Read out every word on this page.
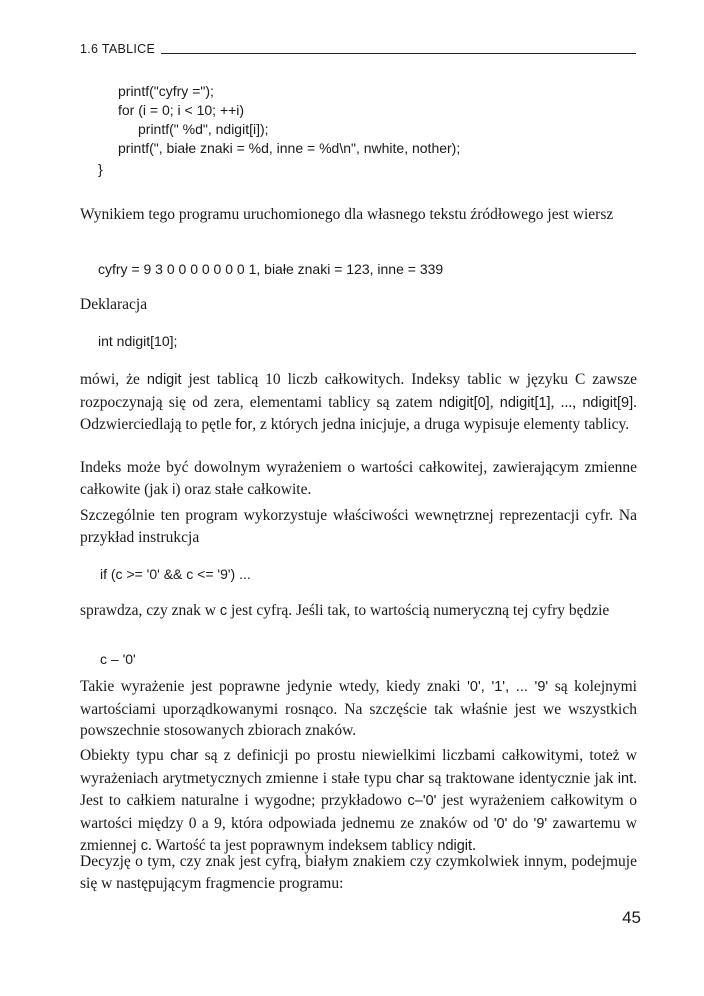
1.6 TABLICE
printf("cyfry =");
for (i = 0; i < 10; ++i)
printf(" %d", ndigit[i]);
printf(", białe znaki = %d, inne = %d\n", nwhite, nother);
}
Wynikiem tego programu uruchomionego dla własnego tekstu źródłowego jest wiersz
cyfry = 9 3 0 0 0 0 0 0 0 1, białe znaki = 123, inne = 339
Deklaracja
int ndigit[10];
mówi, że ndigit jest tablicą 10 liczb całkowitych. Indeksy tablic w języku C zawsze rozpoczynają się od zera, elementami tablicy są zatem ndigit[0], ndigit[1], ..., ndigit[9]. Odzwierciedlają to pętle for, z których jedna inicjuje, a druga wypisuje elementy tablicy.
Indeks może być dowolnym wyrażeniem o wartości całkowitej, zawierającym zmienne całkowite (jak i) oraz stałe całkowite.
Szczególnie ten program wykorzystuje właściwości wewnętrznej reprezentacji cyfr. Na przykład instrukcja
if (c >= '0' && c <= '9') ...
sprawdza, czy znak w c jest cyfrą. Jeśli tak, to wartością numeryczną tej cyfry będzie
c – '0'
Takie wyrażenie jest poprawne jedynie wtedy, kiedy znaki '0', '1', ... '9' są kolejnymi wartościami uporządkowanymi rosnąco. Na szczęście tak właśnie jest we wszystkich powszechnie stosowanych zbiorach znaków.
Obiekty typu char są z definicji po prostu niewielkimi liczbami całkowitymi, toteż w wyrażeniach arytmetycznych zmienne i stałe typu char są traktowane identycznie jak int. Jest to całkiem naturalne i wygodne; przykładowo c–'0' jest wyrażeniem całkowitym o wartości między 0 a 9, która odpowiada jednemu ze znaków od '0' do '9' zawartemu w zmiennej c. Wartość ta jest poprawnym indeksem tablicy ndigit.
Decyzję o tym, czy znak jest cyfrą, białym znakiem czy czymkolwiek innym, podejmuje się w następującym fragmencie programu:
45
